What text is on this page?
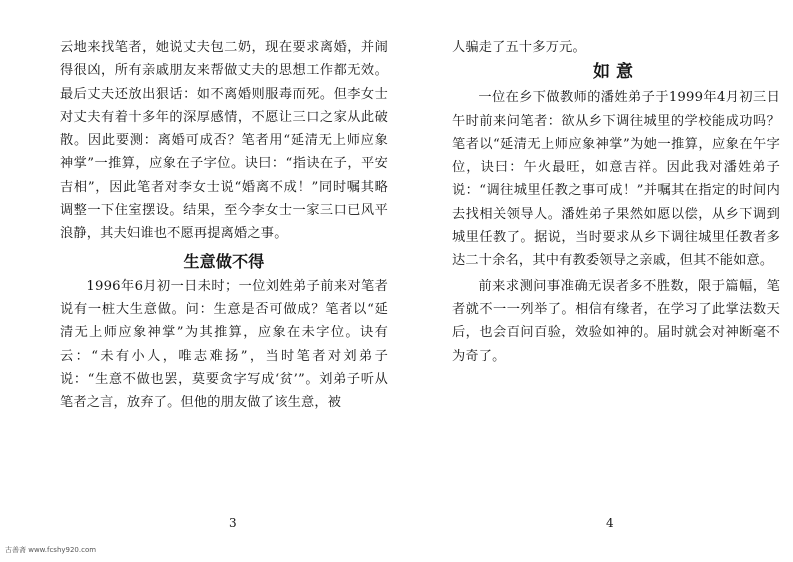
云地来找笔者，她说丈夫包二奶，现在要求离婚，并闹得很凶，所有亲戚朋友来帮做丈夫的思想工作都无效。最后丈夫还放出狠话：如不离婚则服毒而死。但李女士对丈夫有着十多年的深厚感情，不愿让三口之家从此破散。因此要测：离婚可成否？笔者用“延清无上师应象神掌”一推算，应象在子字位。诀曰：“指诀在子，平安吉相”，因此笔者对李女士说“婚离不成！”同时嘱其略调整一下住室摆设。结果，至今李女士一家三口已风平浪静，其夫妇谁也不愿再提离婚之事。

生意做不得

1996年6月初一日未时；一位刘姓弟子前来对笔者说有一桩大生意做。问：生意是否可做成？笔者以“延清无上师应象神掌”为其推算，应象在未字位。诀有云：“未有小人，唯志难扬”，当时笔者对刘弟子说：“生意不做也罢，莫要贪字写成‘贫’”。刘弟子听从笔者之言，放弃了。但他的朋友做了该生意，被

人骗走了五十多万元。

如意

一位在乡下做教师的潘姓弟子于1999年4月初三日午时前来问笔者：欲从乡下调往城里的学校能成功吗？笔者以“延清无上师应象神掌”为她一推算，应象在午字位，诀曰：午火最旺，如意吉祥。因此我对潘姓弟子说：“调往城里任教之事可成！”并嘱其在指定的时间内去找相关领导人。潘姓弟子果然如愿以偿，从乡下调到城里任教了。据说，当时要求从乡下调往城里任教者多达二十余名，其中有教委领导之亲戚，但其不能如意。

前来求测问事准确无误者多不胜数，限于篇幅，笔者就不一一列举了。相信有缘者，在学习了此掌法数天后，也会百问百验，效验如神的。届时就会对神断毫不为奇了。

3	4
古善斋 www.fcshy920.com
